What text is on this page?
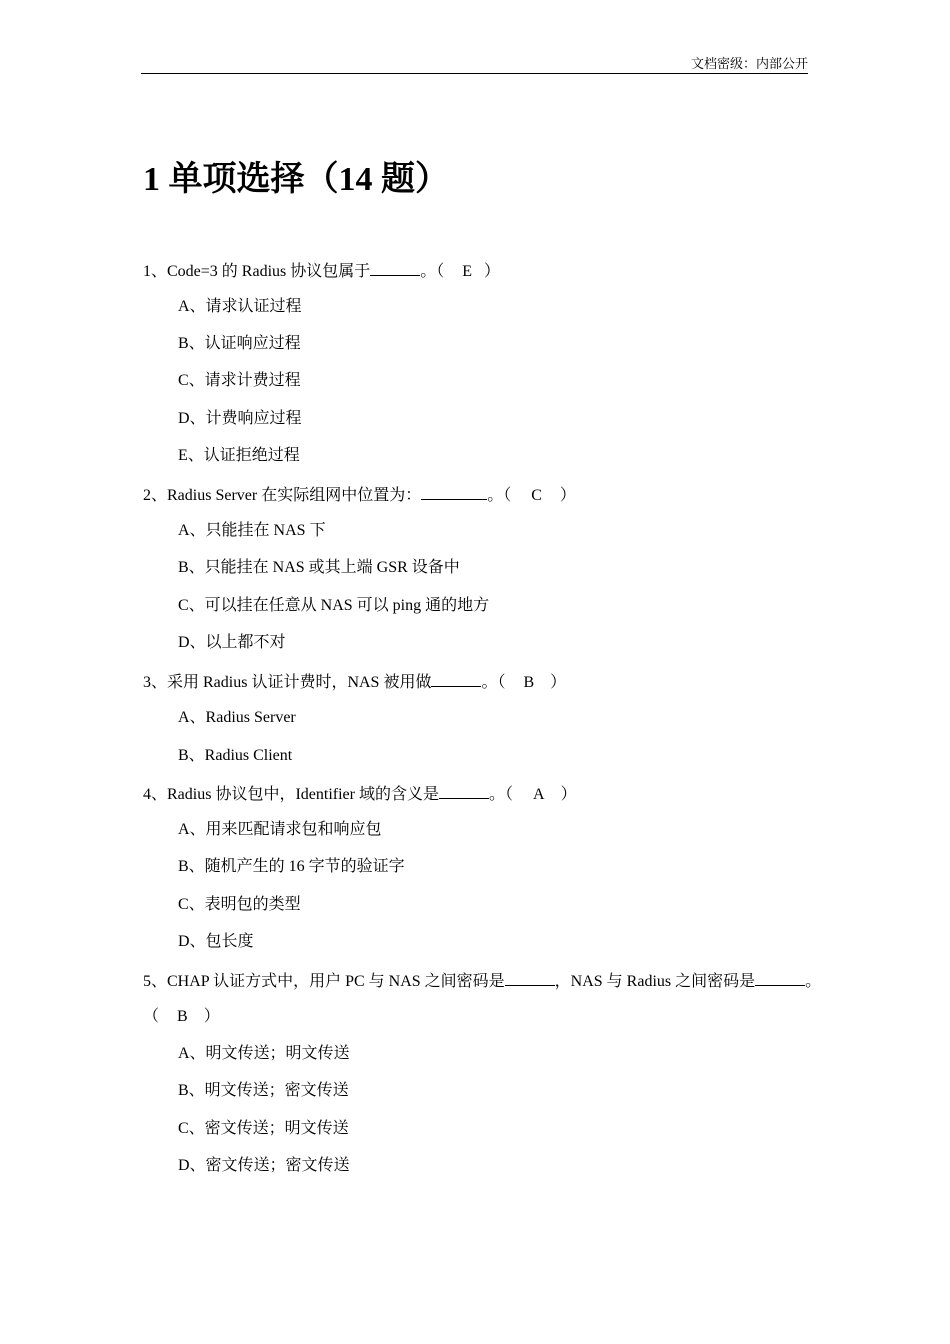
文档密级：内部公开
1 单项选择（14 题）
1、Code=3 的 Radius 协议包属于	。（ E ）
A、请求认证过程
B、认证响应过程
C、请求计费过程
D、计费响应过程
E、认证拒绝过程
2、Radius Server 在实际组网中位置为：	。（ C ）
A、只能挂在 NAS 下
B、只能挂在 NAS 或其上端 GSR 设备中
C、可以挂在任意从 NAS 可以 ping 通的地方
D、以上都不对
3、采用 Radius 认证计费时，NAS 被用做	。（ B ）
A、Radius Server
B、Radius Client
4、Radius 协议包中，Identifier 域的含义是	。（ A ）
A、用来匹配请求包和响应包
B、随机产生的 16 字节的验证字
C、表明包的类型
D、包长度
5、CHAP 认证方式中，用户 PC 与 NAS 之间密码是	，NAS 与 Radius 之间密码是	。
（ B ）
A、明文传送；明文传送
B、明文传送；密文传送
C、密文传送；明文传送
D、密文传送；密文传送
